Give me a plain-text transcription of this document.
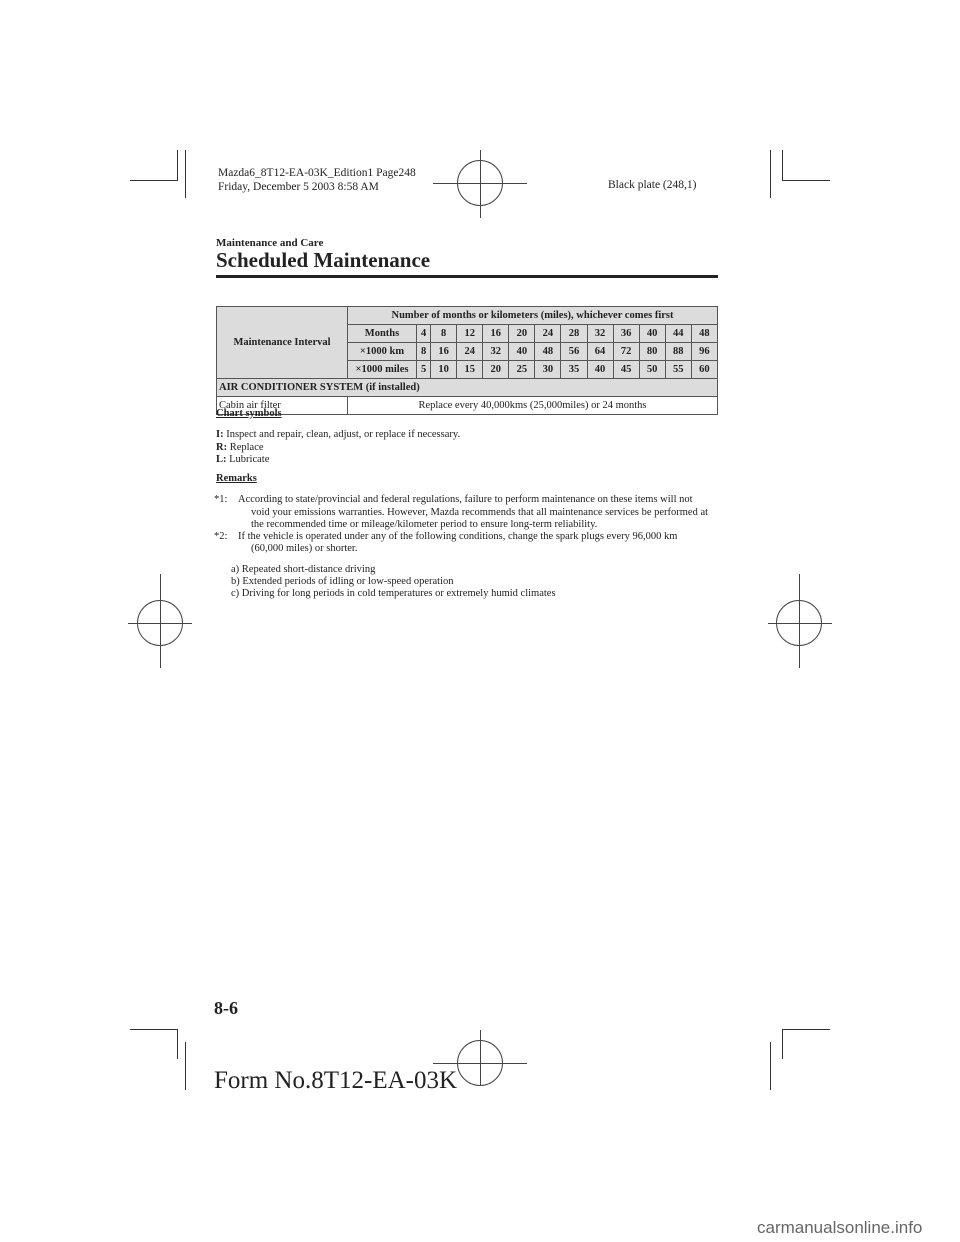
Mazda6_8T12-EA-03K_Edition1 Page248
Friday, December 5 2003 8:58 AM	Black plate (248,1)
Maintenance and Care
Scheduled Maintenance
Maintenance Interval	Number of months or kilometers (miles), whichever comes first												
	Months	4	8	12	16	20	24	28	32	36	40	44	48
	×1000 km	8	16	24	32	40	48	56	64	72	80	88	96
	×1000 miles	5	10	15	20	25	30	35	40	45	50	55	60
AIR CONDITIONER SYSTEM (if installed)													
Cabin air filter	Replace every 40,000kms (25,000miles) or 24 months												
Chart symbols
I: Inspect and repair, clean, adjust, or replace if necessary.
R: Replace
L: Lubricate
Remarks
*1:	According to state/provincial and federal regulations, failure to perform maintenance on these items will not
void your emissions warranties. However, Mazda recommends that all maintenance services be performed at
the recommended time or mileage/kilometer period to ensure long-term reliability.
*2:	If the vehicle is operated under any of the following conditions, change the spark plugs every 96,000 km
(60,000 miles) or shorter.
a) Repeated short-distance driving
b) Extended periods of idling or low-speed operation
c) Driving for long periods in cold temperatures or extremely humid climates
8-6
Form No.8T12-EA-03K
carmanualsonline.info
